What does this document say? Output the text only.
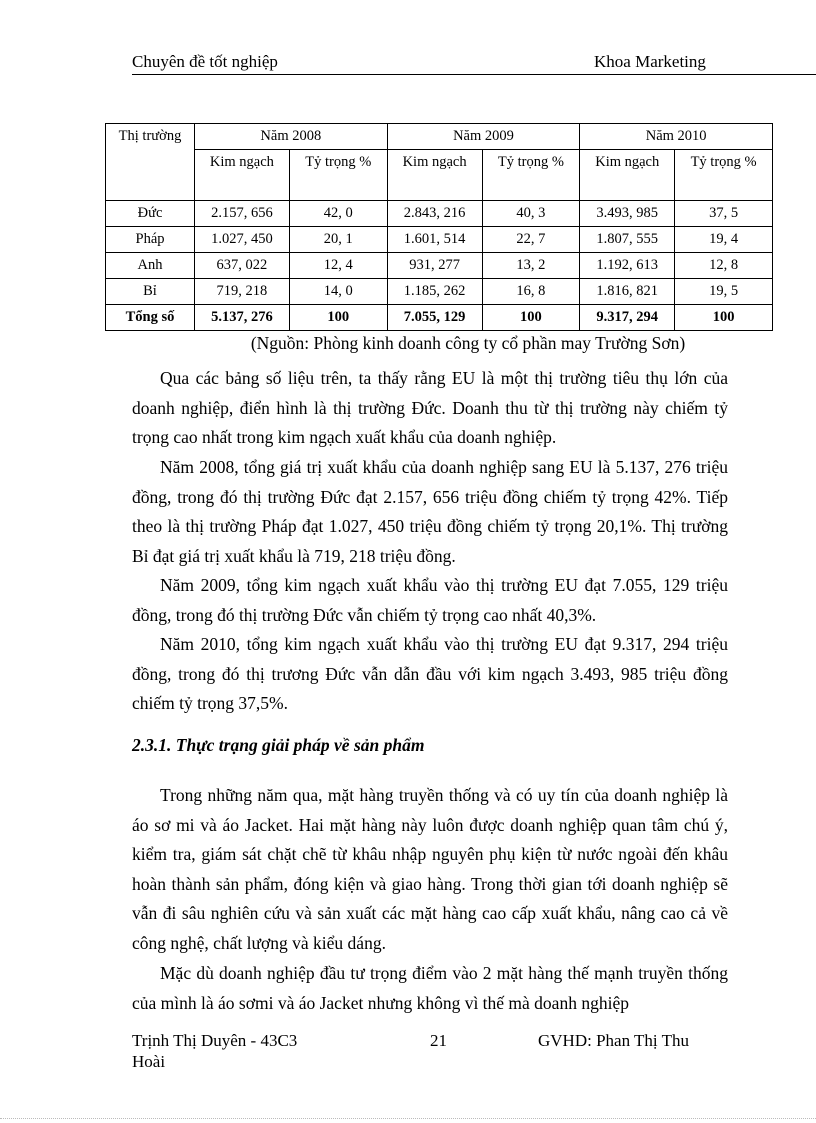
Chuyên đề tốt nghiệp	Khoa Marketing
Thị trường	Năm 2008		Năm 2009		Năm 2010	
	Kim ngạch	Tỷ trọng %	Kim ngạch	Tỷ trọng %	Kim ngạch	Tỷ trọng %
Đức	2.157, 656	42, 0	2.843, 216	40, 3	3.493, 985	37, 5
Pháp	1.027, 450	20, 1	1.601, 514	22, 7	1.807, 555	19, 4
Anh	637, 022	12, 4	931, 277	13, 2	1.192, 613	12, 8
Bỉ	719, 218	14, 0	1.185, 262	16, 8	1.816, 821	19, 5
Tổng số	5.137, 276	100	7.055, 129	100	9.317, 294	100
(Nguồn: Phòng kinh doanh công ty cổ phần may Trường Sơn)

Qua các bảng số liệu trên, ta thấy rằng EU là một thị trường tiêu thụ lớn của doanh nghiệp, điển hình là thị trường Đức. Doanh thu từ thị trường này chiếm tỷ trọng cao nhất trong kim ngạch xuất khẩu của doanh nghiệp.

Năm 2008, tổng giá trị xuất khẩu của doanh nghiệp sang EU là 5.137, 276 triệu đồng, trong đó thị trường Đức đạt 2.157, 656 triệu đồng chiếm tỷ trọng 42%. Tiếp theo là thị trường Pháp đạt 1.027, 450 triệu đồng chiếm tỷ trọng 20,1%. Thị trường Bỉ đạt giá trị xuất khẩu là 719, 218 triệu đồng.

Năm 2009, tổng kim ngạch xuất khẩu vào thị trường EU đạt 7.055, 129 triệu đồng, trong đó thị trường Đức vẫn chiếm tỷ trọng cao nhất 40,3%.

Năm 2010, tổng kim ngạch xuất khẩu vào thị trường EU đạt 9.317, 294 triệu đồng, trong đó thị trương Đức vẫn dẫn đầu với kim ngạch 3.493, 985 triệu đồng chiếm tỷ trọng 37,5%.

2.3.1. Thực trạng giải pháp về sản phẩm

Trong những năm qua, mặt hàng truyền thống và có uy tín của doanh nghiệp là áo sơ mi và áo Jacket. Hai mặt hàng này luôn được doanh nghiệp quan tâm chú ý, kiểm tra, giám sát chặt chẽ từ khâu nhập nguyên phụ kiện từ nước ngoài đến khâu hoàn thành sản phẩm, đóng kiện và giao hàng. Trong thời gian tới doanh nghiệp sẽ vẫn đi sâu nghiên cứu và sản xuất các mặt hàng cao cấp xuất khẩu, nâng cao cả về công nghệ, chất lượng và kiểu dáng.

Mặc dù doanh nghiệp đầu tư trọng điểm vào 2 mặt hàng thế mạnh truyền thống của mình là áo sơmi và áo Jacket nhưng không vì thế mà doanh nghiệp

Trịnh Thị Duyên - 43C3	21	GVHD: Phan Thị Thu
Hoài
